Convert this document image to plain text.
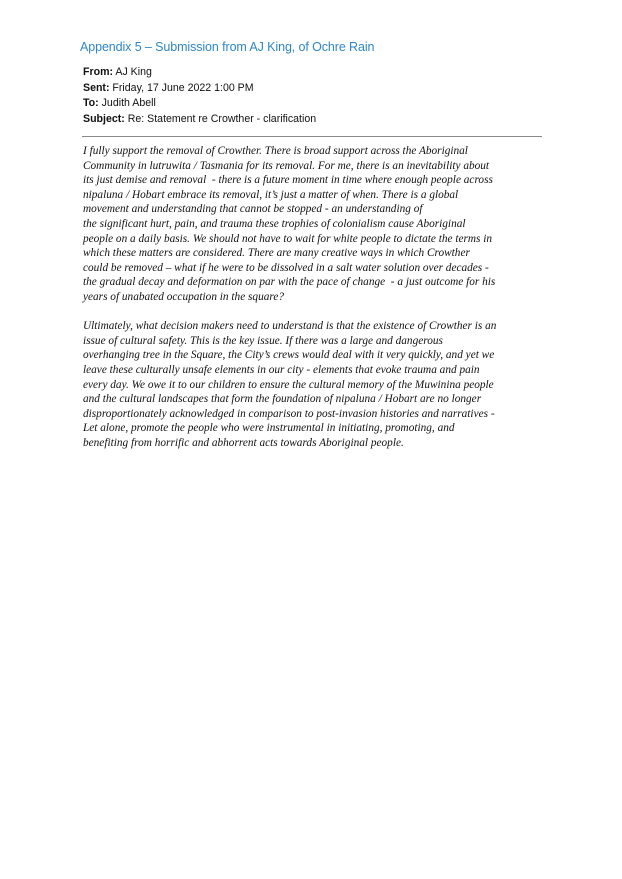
Appendix 5 – Submission from AJ King, of Ochre Rain
From: AJ King
Sent: Friday, 17 June 2022 1:00 PM
To: Judith Abell
Subject: Re: Statement re Crowther - clarification

I fully support the removal of Crowther. There is broad support across the Aboriginal
Community in lutruwita / Tasmania for its removal. For me, there is an inevitability about
its just demise and removal  - there is a future moment in time where enough people across
nipaluna / Hobart embrace its removal, it’s just a matter of when. There is a global
movement and understanding that cannot be stopped - an understanding of
the significant hurt, pain, and trauma these trophies of colonialism cause Aboriginal
people on a daily basis. We should not have to wait for white people to dictate the terms in
which these matters are considered. There are many creative ways in which Crowther
could be removed – what if he were to be dissolved in a salt water solution over decades -
the gradual decay and deformation on par with the pace of change  - a just outcome for his
years of unabated occupation in the square?

Ultimately, what decision makers need to understand is that the existence of Crowther is an
issue of cultural safety. This is the key issue. If there was a large and dangerous
overhanging tree in the Square, the City’s crews would deal with it very quickly, and yet we
leave these culturally unsafe elements in our city - elements that evoke trauma and pain
every day. We owe it to our children to ensure the cultural memory of the Muwinina people
and the cultural landscapes that form the foundation of nipaluna / Hobart are no longer
disproportionately acknowledged in comparison to post-invasion histories and narratives -
Let alone, promote the people who were instrumental in initiating, promoting, and
benefiting from horrific and abhorrent acts towards Aboriginal people.
